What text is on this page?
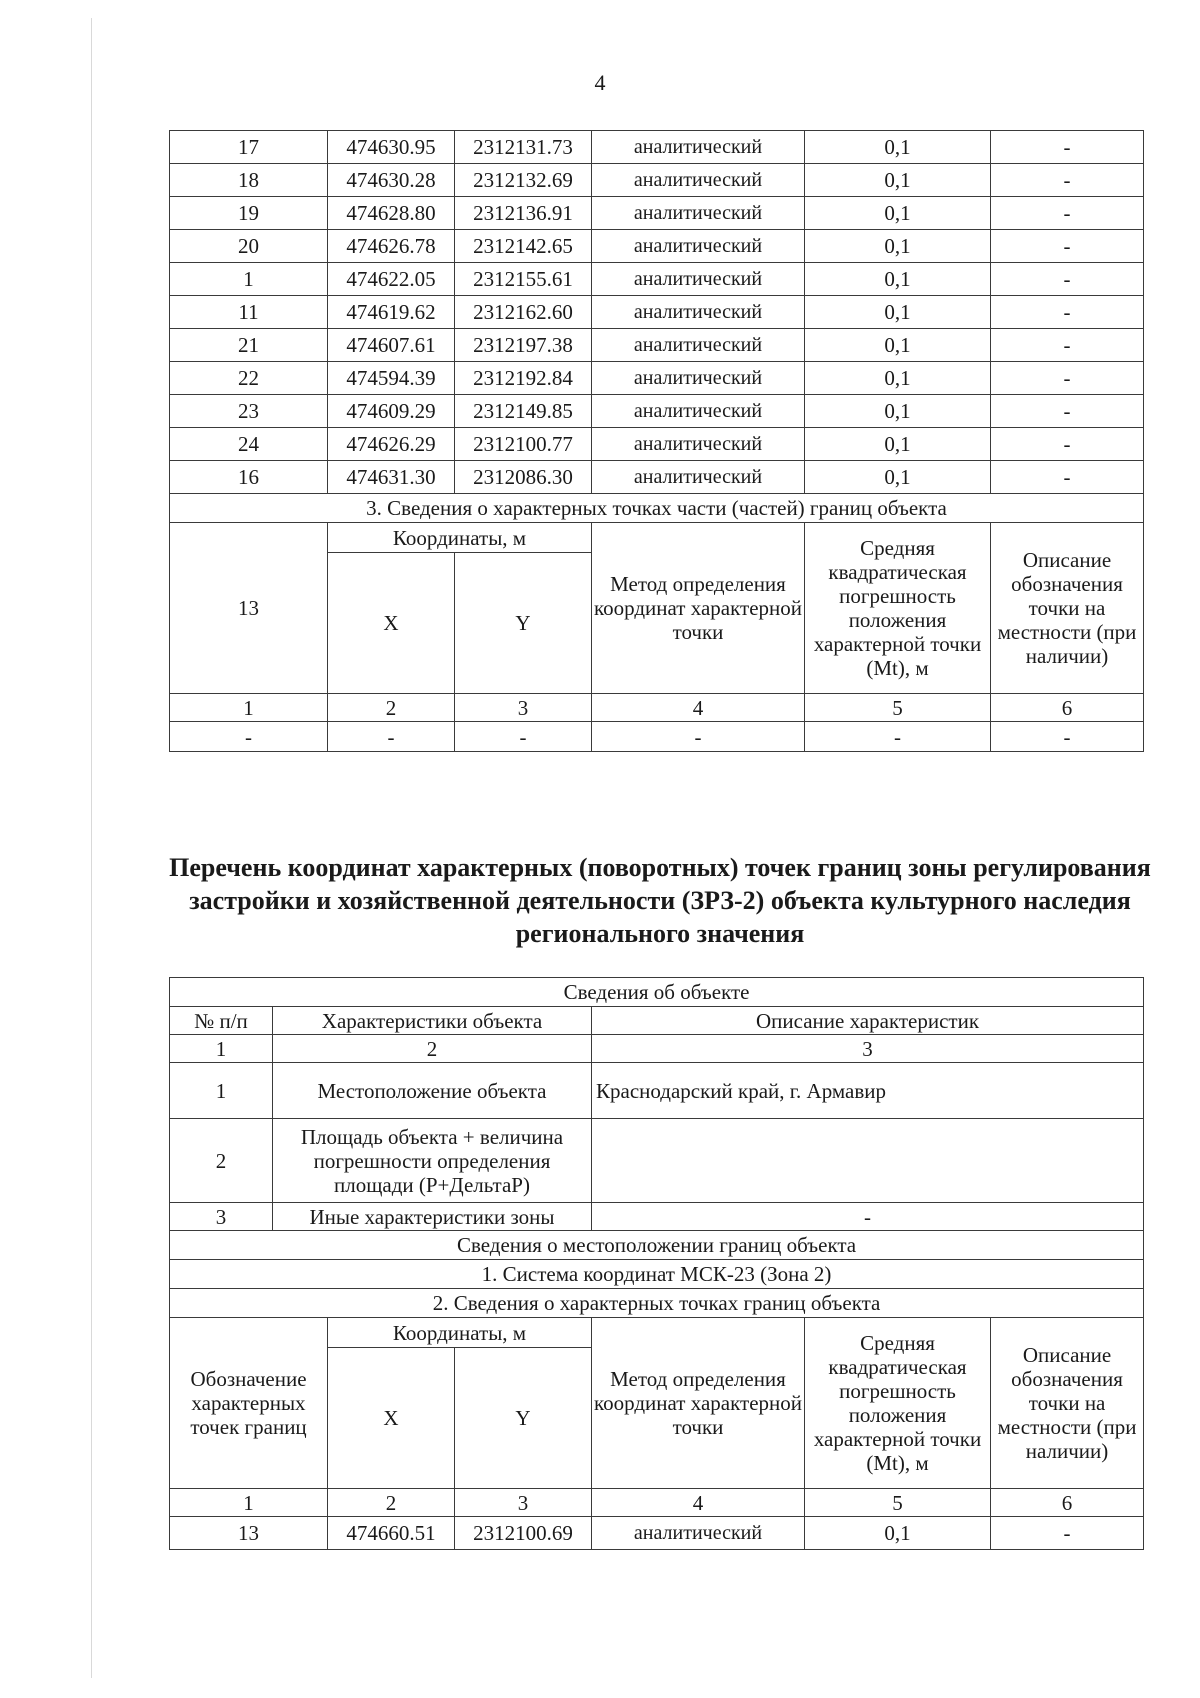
4
17	474630.95	2312131.73	аналитический	0,1	-
18	474630.28	2312132.69	аналитический	0,1	-
19	474628.80	2312136.91	аналитический	0,1	-
20	474626.78	2312142.65	аналитический	0,1	-
1	474622.05	2312155.61	аналитический	0,1	-
11	474619.62	2312162.60	аналитический	0,1	-
21	474607.61	2312197.38	аналитический	0,1	-
22	474594.39	2312192.84	аналитический	0,1	-
23	474609.29	2312149.85	аналитический	0,1	-
24	474626.29	2312100.77	аналитический	0,1	-
16	474631.30	2312086.30	аналитический	0,1	-
3. Сведения о характерных точках части (частей) границ объекта					
13	Координаты, м		Метод определения координат характерной точки	Средняя квадратическая погрешность положения характерной точки (Mt), м	Описание обозначения точки на местности (при наличии)
	X	Y			
1	2	3	4	5	6
-	-	-	-	-	-
Перечень координат характерных (поворотных) точек границ зоны регулирования застройки и хозяйственной деятельности (ЗРЗ-2) объекта культурного наследия регионального значения
Сведения об объекте						
№ п/п	Характеристики объекта			Описание характеристик		
1	2			3		
1	Местоположение объекта			Краснодарский край, г. Армавир		
2	Площадь объекта + величина погрешности определения площади (Р+ДельтаР)					
3	Иные характеристики зоны			-		
Сведения о местоположении границ объекта						
1. Система координат МСК-23 (Зона 2)						
2. Сведения о характерных точках границ объекта						
Обозначение характерных точек границ		Координаты, м		Метод определения координат характерной точки	Средняя квадратическая погрешность положения характерной точки (Mt), м	Описание обозначения точки на местности (при наличии)
		X	Y			
1		2	3	4	5	6
13		474660.51	2312100.69	аналитический	0,1	-
